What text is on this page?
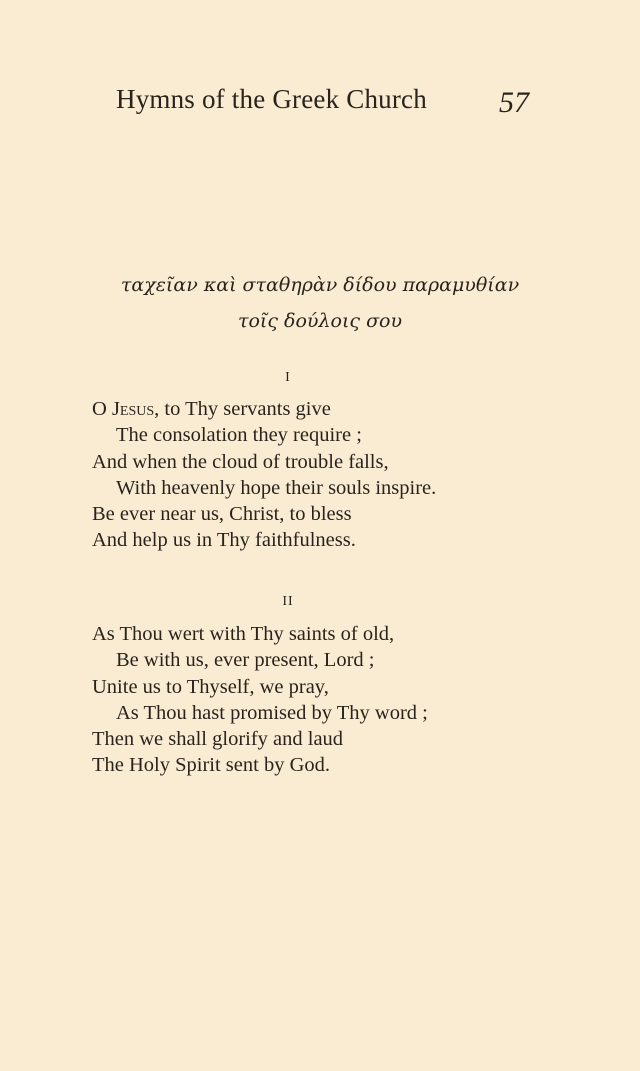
Hymns of the Greek Church 57
ταχεῖαν καὶ σταθηρὰν δίδου παραμυθίαν
τοῖς δούλοις σου
I
O Jesus, to Thy servants give
The consolation they require ;
And when the cloud of trouble falls,
With heavenly hope their souls inspire.
Be ever near us, Christ, to bless
And help us in Thy faithfulness.
II
As Thou wert with Thy saints of old,
Be with us, ever present, Lord ;
Unite us to Thyself, we pray,
As Thou hast promised by Thy word ;
Then we shall glorify and laud
The Holy Spirit sent by God.
